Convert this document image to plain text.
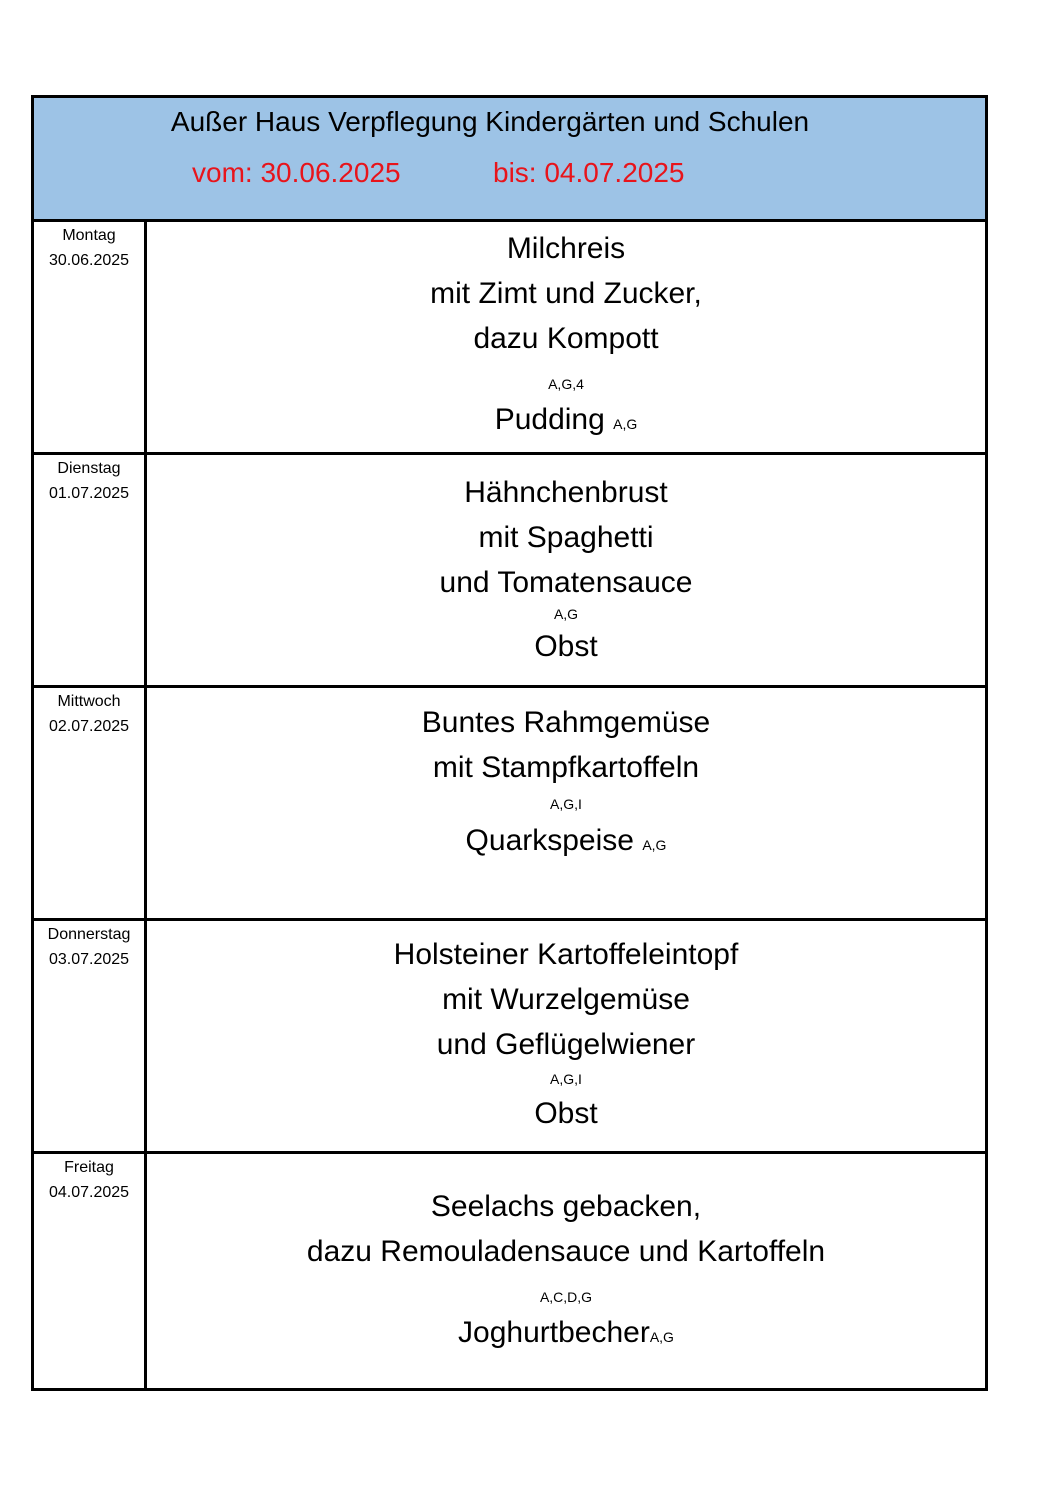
Außer Haus Verpflegung Kindergärten und Schulen
vom: 30.06.2025	bis: 04.07.2025
Montag
30.06.2025	Milchreis
mit Zimt und Zucker,
dazu Kompott
A,G,4
Pudding A,G
Dienstag
01.07.2025	Hähnchenbrust
mit Spaghetti
und Tomatensauce
A,G
Obst
Mittwoch
02.07.2025	Buntes Rahmgemüse
mit Stampfkartoffeln
A,G,I
Quarkspeise A,G
Donnerstag
03.07.2025	Holsteiner Kartoffeleintopf
mit Wurzelgemüse
und Geflügelwiener
A,G,I
Obst
Freitag
04.07.2025	Seelachs gebacken,
dazu Remouladensauce und Kartoffeln
A,C,D,G
JoghurtbecherA,G
